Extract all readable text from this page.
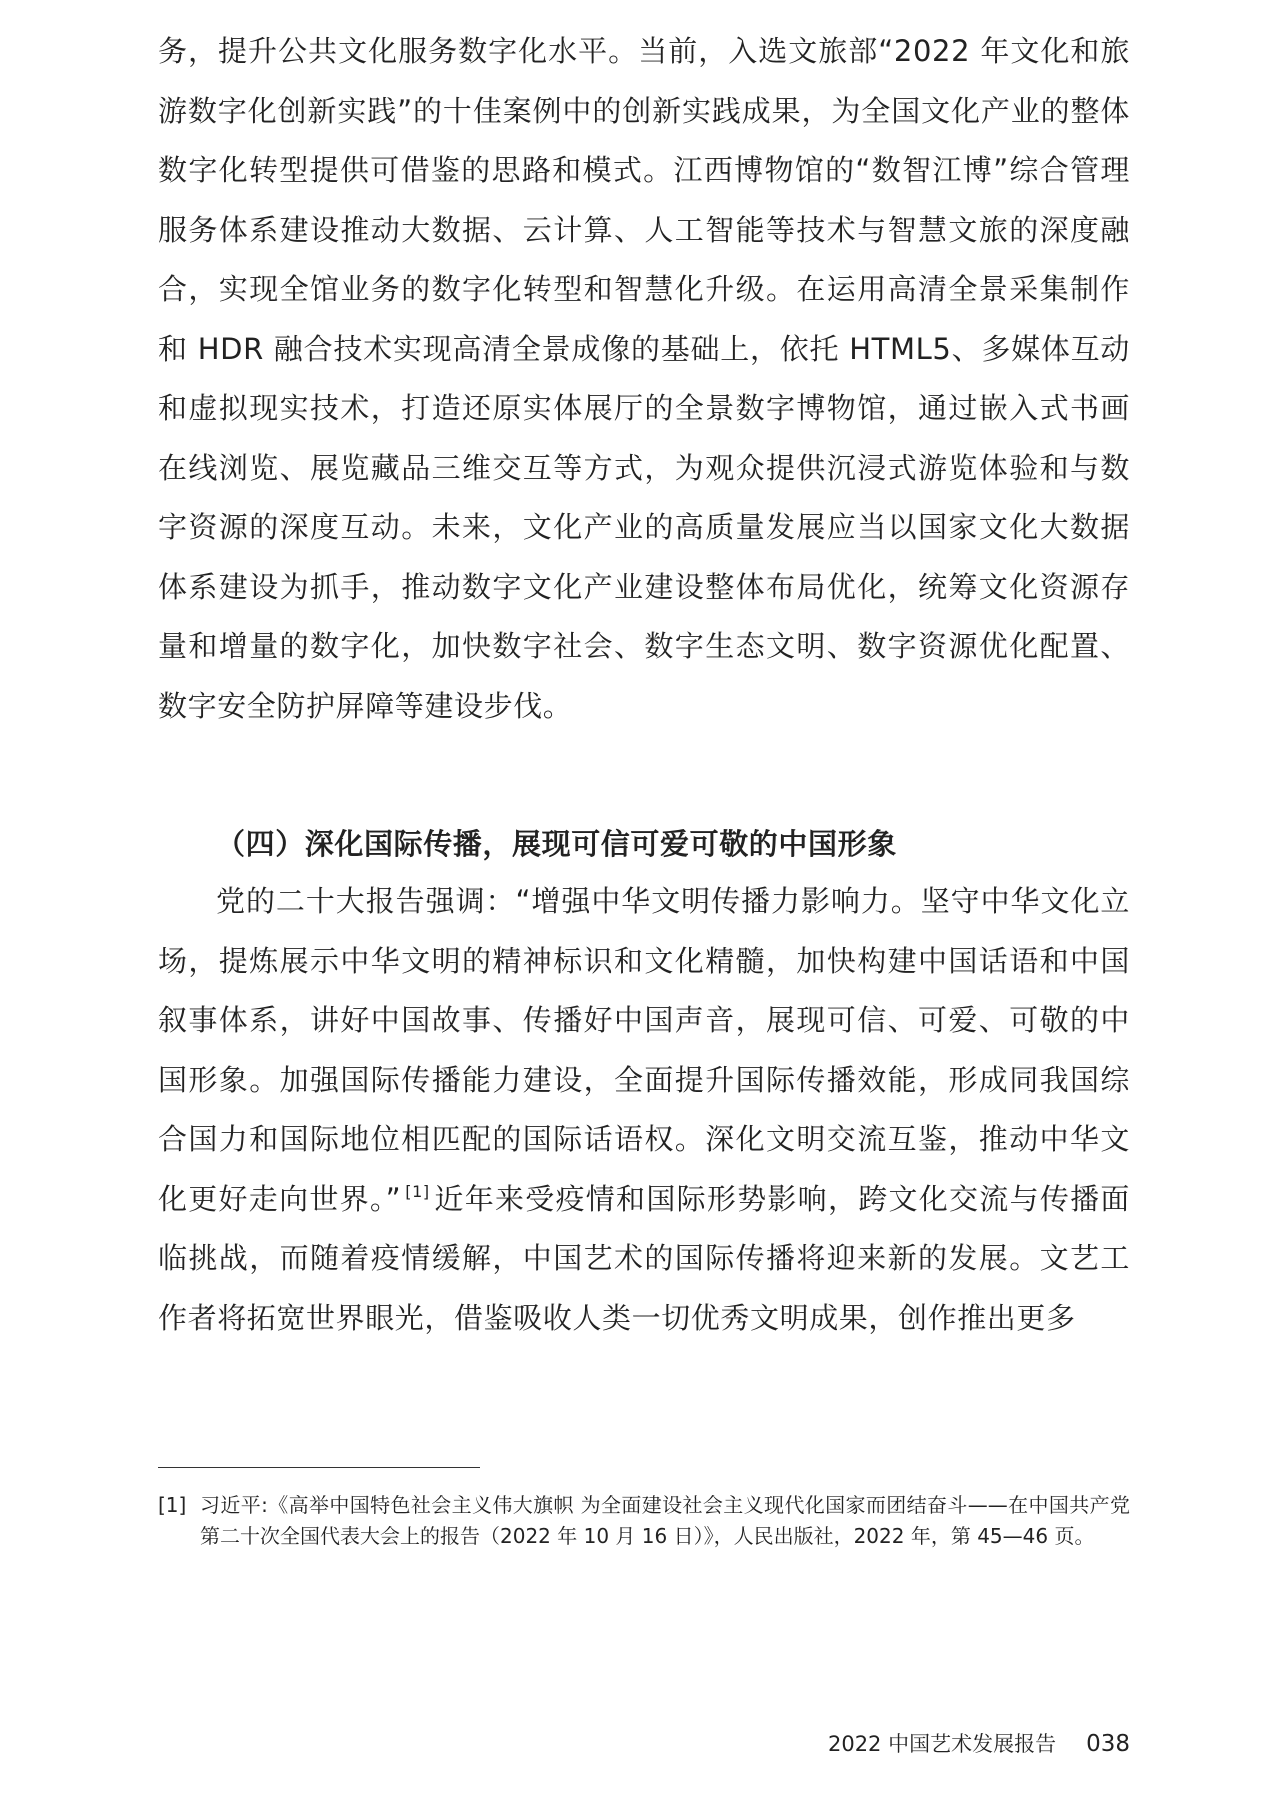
务，提升公共文化服务数字化水平。当前，入选文旅部“2022 年文化和旅游数字化创新实践”的十佳案例中的创新实践成果，为全国文化产业的整体数字化转型提供可借鉴的思路和模式。江西博物馆的“数智江博”综合管理服务体系建设推动大数据、云计算、人工智能等技术与智慧文旅的深度融合，实现全馆业务的数字化转型和智慧化升级。在运用高清全景采集制作和 HDR 融合技术实现高清全景成像的基础上，依托 HTML5、多媒体互动和虚拟现实技术，打造还原实体展厅的全景数字博物馆，通过嵌入式书画在线浏览、展览藏品三维交互等方式，为观众提供沉浸式游览体验和与数字资源的深度互动。未来，文化产业的高质量发展应当以国家文化大数据体系建设为抓手，推动数字文化产业建设整体布局优化，统筹文化资源存量和增量的数字化，加快数字社会、数字生态文明、数字资源优化配置、数字安全防护屏障等建设步伐。

（四）深化国际传播，展现可信可爱可敬的中国形象

党的二十大报告强调：“增强中华文明传播力影响力。坚守中华文化立场，提炼展示中华文明的精神标识和文化精髓，加快构建中国话语和中国叙事体系，讲好中国故事、传播好中国声音，展现可信、可爱、可敬的中国形象。加强国际传播能力建设，全面提升国际传播效能，形成同我国综合国力和国际地位相匹配的国际话语权。深化文明交流互鉴，推动中华文化更好走向世界。” [1] 近年来受疫情和国际形势影响，跨文化交流与传播面临挑战，而随着疫情缓解，中国艺术的国际传播将迎来新的发展。文艺工作者将拓宽世界眼光，借鉴吸收人类一切优秀文明成果，创作推出更多

[1] 习近平:《高举中国特色社会主义伟大旗帜 为全面建设社会主义现代化国家而团结奋斗——在中国共产党第二十次全国代表大会上的报告（2022 年 10 月 16 日）》，人民出版社，2022 年，第 45—46 页。
2022 中国艺术发展报告 038
